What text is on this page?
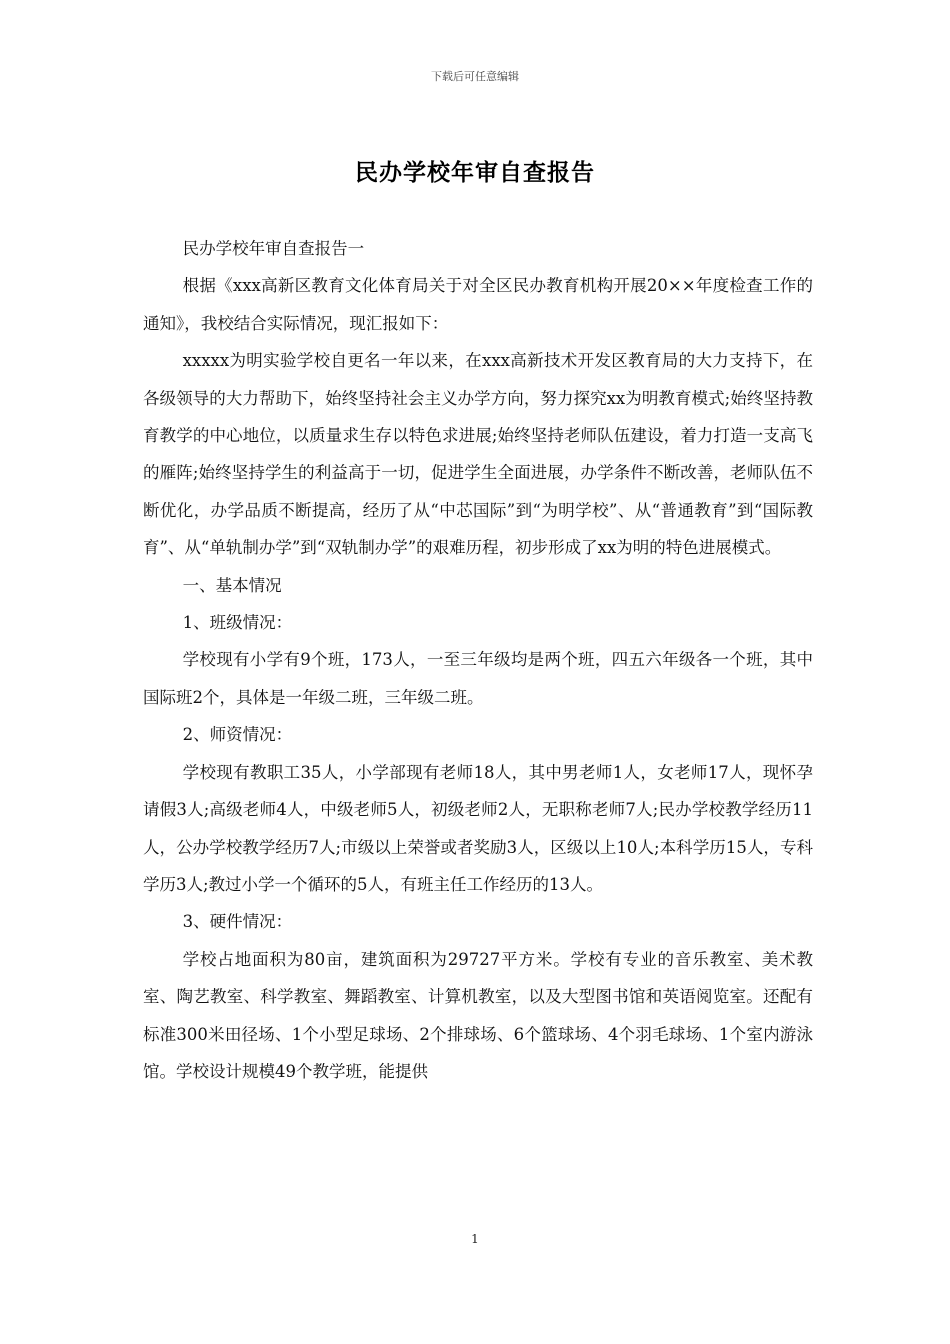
下载后可任意编辑
民办学校年审自查报告

民办学校年审自查报告一

根据《xxx高新区教育文化体育局关于对全区民办教育机构开展20××年度检查工作的通知》，我校结合实际情况，现汇报如下：

xxxxx为明实验学校自更名一年以来，在xxx高新技术开发区教育局的大力支持下，在各级领导的大力帮助下，始终坚持社会主义办学方向，努力探究xx为明教育模式;始终坚持教育教学的中心地位，以质量求生存以特色求进展;始终坚持老师队伍建设，着力打造一支高飞的雁阵;始终坚持学生的利益高于一切，促进学生全面进展，办学条件不断改善，老师队伍不断优化，办学品质不断提高，经历了从“中芯国际”到“为明学校”、从“普通教育”到“国际教育”、从“单轨制办学”到“双轨制办学”的艰难历程，初步形成了xx为明的特色进展模式。

一、基本情况

1、班级情况：

学校现有小学有9个班，173人，一至三年级均是两个班，四五六年级各一个班，其中国际班2个，具体是一年级二班，三年级二班。

2、师资情况：

学校现有教职工35人，小学部现有老师18人，其中男老师1人，女老师17人，现怀孕请假3人;高级老师4人，中级老师5人，初级老师2人，无职称老师7人;民办学校教学经历11人，公办学校教学经历7人;市级以上荣誉或者奖励3人，区级以上10人;本科学历15人，专科学历3人;教过小学一个循环的5人，有班主任工作经历的13人。

3、硬件情况：

学校占地面积为80亩，建筑面积为29727平方米。学校有专业的音乐教室、美术教室、陶艺教室、科学教室、舞蹈教室、计算机教室，以及大型图书馆和英语阅览室。还配有标准300米田径场、1个小型足球场、2个排球场、6个篮球场、4个羽毛球场、1个室内游泳馆。学校设计规模49个教学班，能提供

1
